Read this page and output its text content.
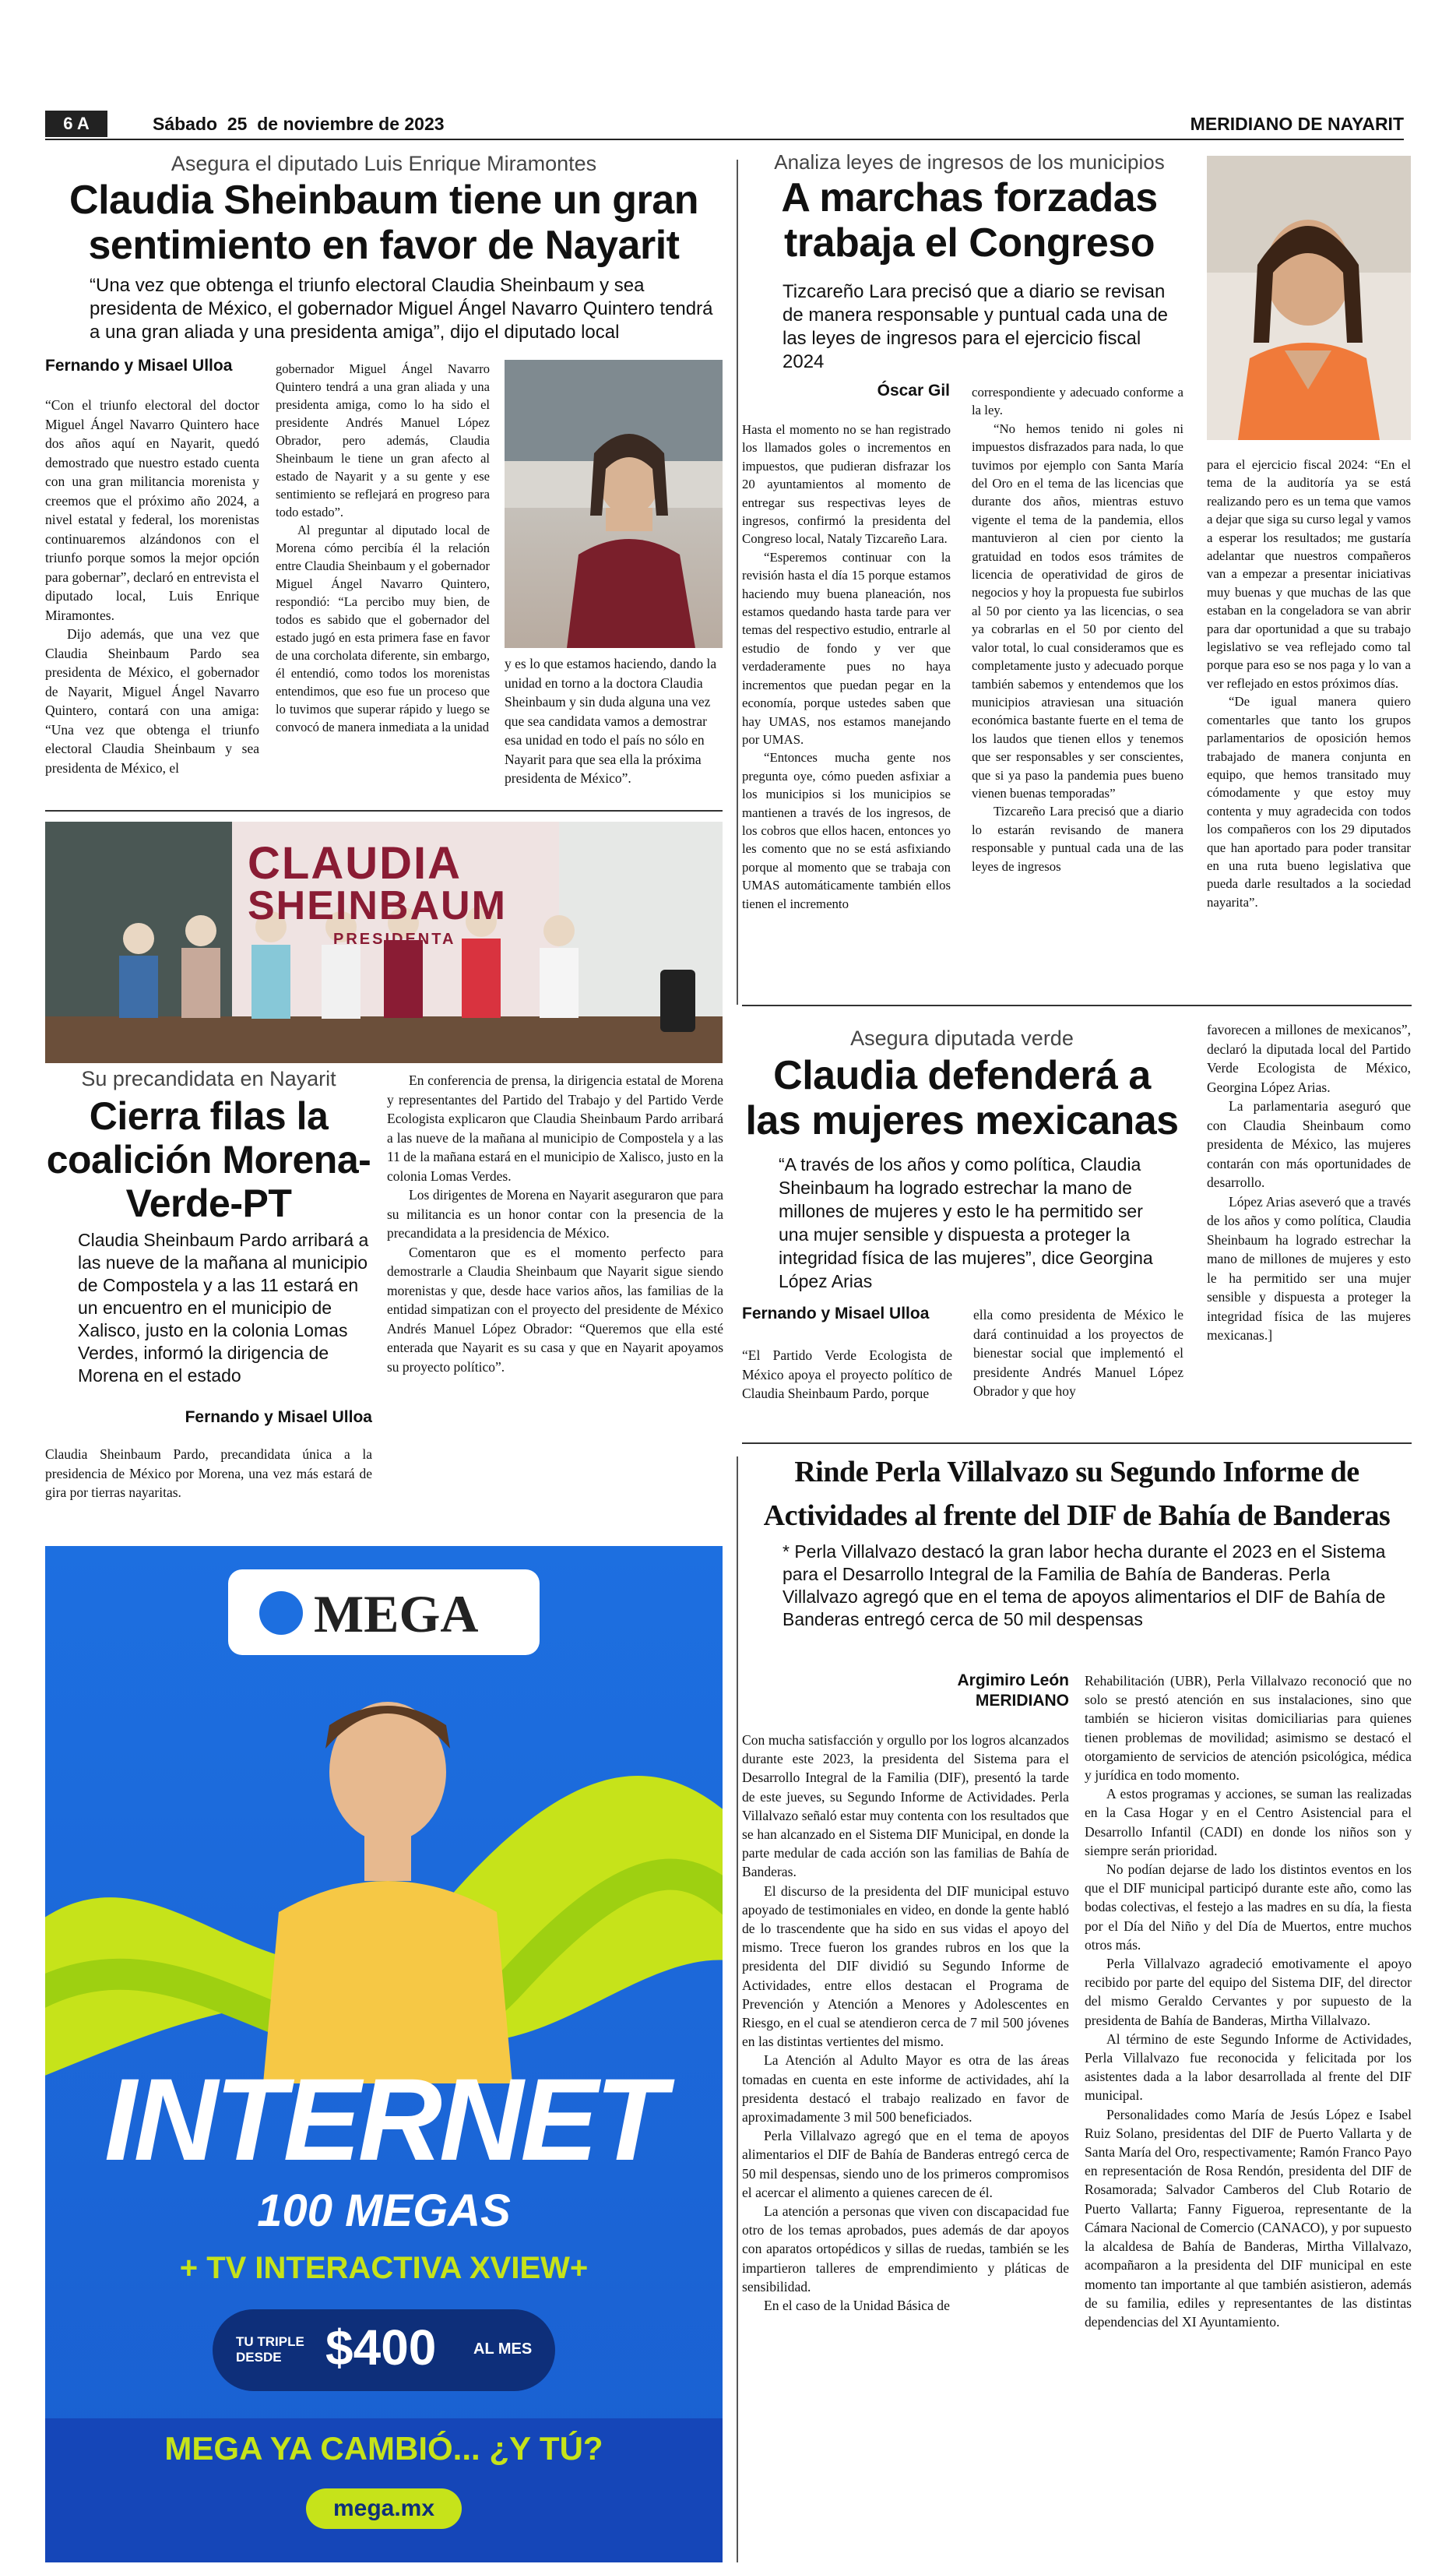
6 A	Sábado  25  de noviembre de 2023	MERIDIANO DE NAYARIT
Asegura el diputado Luis Enrique Miramontes
Claudia Sheinbaum tiene un gran sentimiento en favor de Nayarit
“Una vez que obtenga el triunfo electoral Claudia Sheinbaum y sea presidenta de México, el gobernador Miguel Ángel Navarro Quintero tendrá a una gran aliada y una presidenta amiga”, dijo el diputado local
Fernando y Misael Ulloa

“Con el triunfo electoral del doctor Miguel Ángel Navarro Quintero hace dos años aquí en Nayarit, quedó demostrado que nuestro estado cuenta con una gran militancia morenista y creemos que el próximo año 2024, a nivel estatal y federal, los morenistas continuaremos alzándonos con el triunfo porque somos la mejor opción para gobernar”, declaró en entrevista el diputado local, Luis Enrique Miramontes.

Dijo además, que una vez que Claudia Sheinbaum Pardo sea presidenta de México, el gobernador de Nayarit, Miguel Ángel Navarro Quintero, contará con una amiga: “Una vez que obtenga el triunfo electoral Claudia Sheinbaum y sea presidenta de México, el

gobernador Miguel Ángel Navarro Quintero tendrá a una gran aliada y una presidenta amiga, como lo ha sido el presidente Andrés Manuel López Obrador, pero además, Claudia Sheinbaum le tiene un gran afecto al estado de Nayarit y a su gente y ese sentimiento se reflejará en progreso para todo estado”.

Al preguntar al diputado local de Morena cómo percibía él la relación entre Claudia Sheinbaum y el gobernador Miguel Ángel Navarro Quintero, respondió: “La percibo muy bien, de todos es sabido que el gobernador del estado jugó en esta primera fase en favor de una corcholata diferente, sin embargo, él entendió, como todos los morenistas entendimos, que eso fue un proceso que lo tuvimos que superar rápido y luego se convocó de manera inmediata a la unidad

y es lo que estamos haciendo, dando la unidad en torno a la doctora Claudia Sheinbaum y sin duda alguna una vez que sea candidata vamos a demostrar esa unidad en todo el país no sólo en Nayarit para que sea ella la próxima presidenta de México”.

CLAUDIA
SHEINBAUM
PRESIDENTA
Su precandidata en Nayarit
Cierra filas la coalición Morena-Verde-PT
Claudia Sheinbaum Pardo arribará a las nueve de la mañana al municipio de Compostela y a las 11 estará en un encuentro en el municipio de Xalisco, justo en la colonia Lomas Verdes, informó la dirigencia de Morena en el estado
Fernando y Misael Ulloa

Claudia Sheinbaum Pardo, precandidata única a la presidencia de México por Morena, una vez más estará de gira por tierras nayaritas.

En conferencia de prensa, la dirigencia estatal de Morena y representantes del Partido del Trabajo y del Partido Verde Ecologista explicaron que Claudia Sheinbaum Pardo arribará a las nueve de la mañana al municipio de Compostela y a las 11 de la mañana estará en el municipio de Xalisco, justo en la colonia Lomas Verdes.

Los dirigentes de Morena en Nayarit aseguraron que para su militancia es un honor contar con la presencia de la precandidata a la presidencia de México.

Comentaron que es el momento perfecto para demostrarle a Claudia Sheinbaum que Nayarit sigue siendo morenistas y que, desde hace varios años, las familias de la entidad simpatizan con el proyecto del presidente de México Andrés Manuel López Obrador: “Queremos que ella esté enterada que Nayarit es su casa y que en Nayarit apoyamos su proyecto político”.

MEGA
INTERNET
100 MEGAS
+ TV INTERACTIVA XVIEW+
TU TRIPLE DESDE $400 AL MES
MEGA YA CAMBIÓ... ¿Y TÚ?
mega.mx
Analiza leyes de ingresos de los municipios
A marchas forzadas trabaja el Congreso
Tizcareño Lara precisó que a diario se revisan de manera responsable y puntual cada una de las leyes de ingresos para el ejercicio fiscal 2024
Óscar Gil

Hasta el momento no se han registrado los llamados goles o incrementos en impuestos, que pudieran disfrazar los 20 ayuntamientos al momento de entregar sus respectivas leyes de ingresos, confirmó la presidenta del Congreso local, Nataly Tizcareño Lara.

“Esperemos continuar con la revisión hasta el día 15 porque estamos haciendo muy buena planeación, nos estamos quedando hasta tarde para ver temas del respectivo estudio, entrarle al estudio de fondo y ver que verdaderamente pues no haya incrementos que puedan pegar en la economía, porque ustedes saben que hay UMAS, nos estamos manejando por UMAS.

“Entonces mucha gente nos pregunta oye, cómo pueden asfixiar a los municipios si los municipios se mantienen a través de los ingresos, de los cobros que ellos hacen, entonces yo les comento que no se está asfixiando porque al momento que se trabaja con UMAS automáticamente también ellos tienen el incremento

correspondiente y adecuado conforme a la ley.

“No hemos tenido ni goles ni impuestos disfrazados para nada, lo que tuvimos por ejemplo con Santa María del Oro en el tema de las licencias que durante dos años, mientras estuvo vigente el tema de la pandemia, ellos mantuvieron al cien por ciento la gratuidad en todos esos trámites de licencia de operatividad de giros de negocios y hoy la propuesta fue subirlos al 50 por ciento ya las licencias, o sea ya cobrarlas en el 50 por ciento del valor total, lo cual consideramos que es completamente justo y adecuado porque también sabemos y entendemos que los municipios atraviesan una situación económica bastante fuerte en el tema de los laudos que tienen ellos y tenemos que ser responsables y ser conscientes, que si ya paso la pandemia pues bueno vienen buenas temporadas”

Tizcareño Lara precisó que a diario lo estarán revisando de manera responsable y puntual cada una de las leyes de ingresos

para el ejercicio fiscal 2024: “En el tema de la auditoría ya se está realizando pero es un tema que vamos a dejar que siga su curso legal y vamos a esperar los resultados; me gustaría adelantar que nuestros compañeros van a empezar a presentar iniciativas muy buenas y que muchas de las que estaban en la congeladora se van abrir para dar oportunidad a que su trabajo legislativo se vea reflejado como tal porque para eso se nos paga y lo van a ver reflejado en estos próximos días.

“De igual manera quiero comentarles que tanto los grupos parlamentarios de oposición hemos trabajado de manera conjunta en equipo, que hemos transitado muy cómodamente y que estoy muy contenta y muy agradecida con todos los compañeros con los 29 diputados que han aportado para poder transitar en una ruta bueno legislativa que pueda darle resultados a la sociedad nayarita”.

Asegura diputada verde
Claudia defenderá a las mujeres mexicanas
“A través de los años y como política, Claudia Sheinbaum ha logrado estrechar la mano de millones de mujeres y esto le ha permitido ser una mujer sensible y dispuesta a proteger la integridad física de las mujeres”, dice Georgina López Arias
Fernando y Misael Ulloa

“El Partido Verde Ecologista de México apoya el proyecto político de Claudia Sheinbaum Pardo, porque

ella como presidenta de México le dará continuidad a los proyectos de bienestar social que implementó el presidente Andrés Manuel López Obrador y que hoy

favorecen a millones de mexicanos”, declaró la diputada local del Partido Verde Ecologista de México, Georgina López Arias.

La parlamentaria aseguró que con Claudia Sheinbaum como presidenta de México, las mujeres contarán con más oportunidades de desarrollo.

López Arias aseveró que a través de los años y como política, Claudia Sheinbaum ha logrado estrechar la mano de millones de mujeres y esto le ha permitido ser una mujer sensible y dispuesta a proteger la integridad física de las mujeres mexicanas.]

Rinde Perla Villalvazo su Segundo Informe de Actividades al frente del DIF de Bahía de Banderas
* Perla Villalvazo destacó la gran labor hecha durante el 2023 en el Sistema para el Desarrollo Integral de la Familia de Bahía de Banderas. Perla Villalvazo agregó que en el tema de apoyos alimentarios el DIF de Bahía de Banderas entregó cerca de 50 mil despensas
Argimiro León
MERIDIANO

Con mucha satisfacción y orgullo por los logros alcanzados durante este 2023, la presidenta del Sistema para el Desarrollo Integral de la Familia (DIF), presentó la tarde de este jueves, su Segundo Informe de Actividades. Perla Villalvazo señaló estar muy contenta con los resultados que se han alcanzado en el Sistema DIF Municipal, en donde la parte medular de cada acción son las familias de Bahía de Banderas.

El discurso de la presidenta del DIF municipal estuvo apoyado de testimoniales en video, en donde la gente habló de lo trascendente que ha sido en sus vidas el apoyo del mismo. Trece fueron los grandes rubros en los que la presidenta del DIF dividió su Segundo Informe de Actividades, entre ellos destacan el Programa de Prevención y Atención a Menores y Adolescentes en Riesgo, en el cual se atendieron cerca de 7 mil 500 jóvenes en las distintas vertientes del mismo.

La Atención al Adulto Mayor es otra de las áreas tomadas en cuenta en este informe de actividades, ahí la presidenta destacó el trabajo realizado en favor de aproximadamente 3 mil 500 beneficiados.

Perla Villalvazo agregó que en el tema de apoyos alimentarios el DIF de Bahía de Banderas entregó cerca de 50 mil despensas, siendo uno de los primeros compromisos el acercar el alimento a quienes carecen de él.

La atención a personas que viven con discapacidad fue otro de los temas aprobados, pues además de dar apoyos con aparatos ortopédicos y sillas de ruedas, también se les impartieron talleres de emprendimiento y pláticas de sensibilidad.

En el caso de la Unidad Básica de

Rehabilitación (UBR), Perla Villalvazo reconoció que no solo se prestó atención en sus instalaciones, sino que también se hicieron visitas domiciliarias para quienes tienen problemas de movilidad; asimismo se destacó el otorgamiento de servicios de atención psicológica, médica y jurídica en todo momento.

A estos programas y acciones, se suman las realizadas en la Casa Hogar y en el Centro Asistencial para el Desarrollo Infantil (CADI) en donde los niños son y siempre serán prioridad.

No podían dejarse de lado los distintos eventos en los que el DIF municipal participó durante este año, como las bodas colectivas, el festejo a las madres en su día, la fiesta por el Día del Niño y del Día de Muertos, entre muchos otros más.

Perla Villalvazo agradeció emotivamente el apoyo recibido por parte del equipo del Sistema DIF, del director del mismo Geraldo Cervantes y por supuesto de la presidenta de Bahía de Banderas, Mirtha Villalvazo.

Al término de este Segundo Informe de Actividades, Perla Villalvazo fue reconocida y felicitada por los asistentes dada a la labor desarrollada al frente del DIF municipal.

Personalidades como María de Jesús López e Isabel Ruiz Solano, presidentas del DIF de Puerto Vallarta y de Santa María del Oro, respectivamente; Ramón Franco Payo en representación de Rosa Rendón, presidenta del DIF de Rosamorada; Salvador Camberos del Club Rotario de Puerto Vallarta; Fanny Figueroa, representante de la Cámara Nacional de Comercio (CANACO), y por supuesto la alcaldesa de Bahía de Banderas, Mirtha Villalvazo, acompañaron a la presidenta del DIF municipal en este momento tan importante al que también asistieron, además de su familia, ediles y representantes de las distintas dependencias del XI Ayuntamiento.
